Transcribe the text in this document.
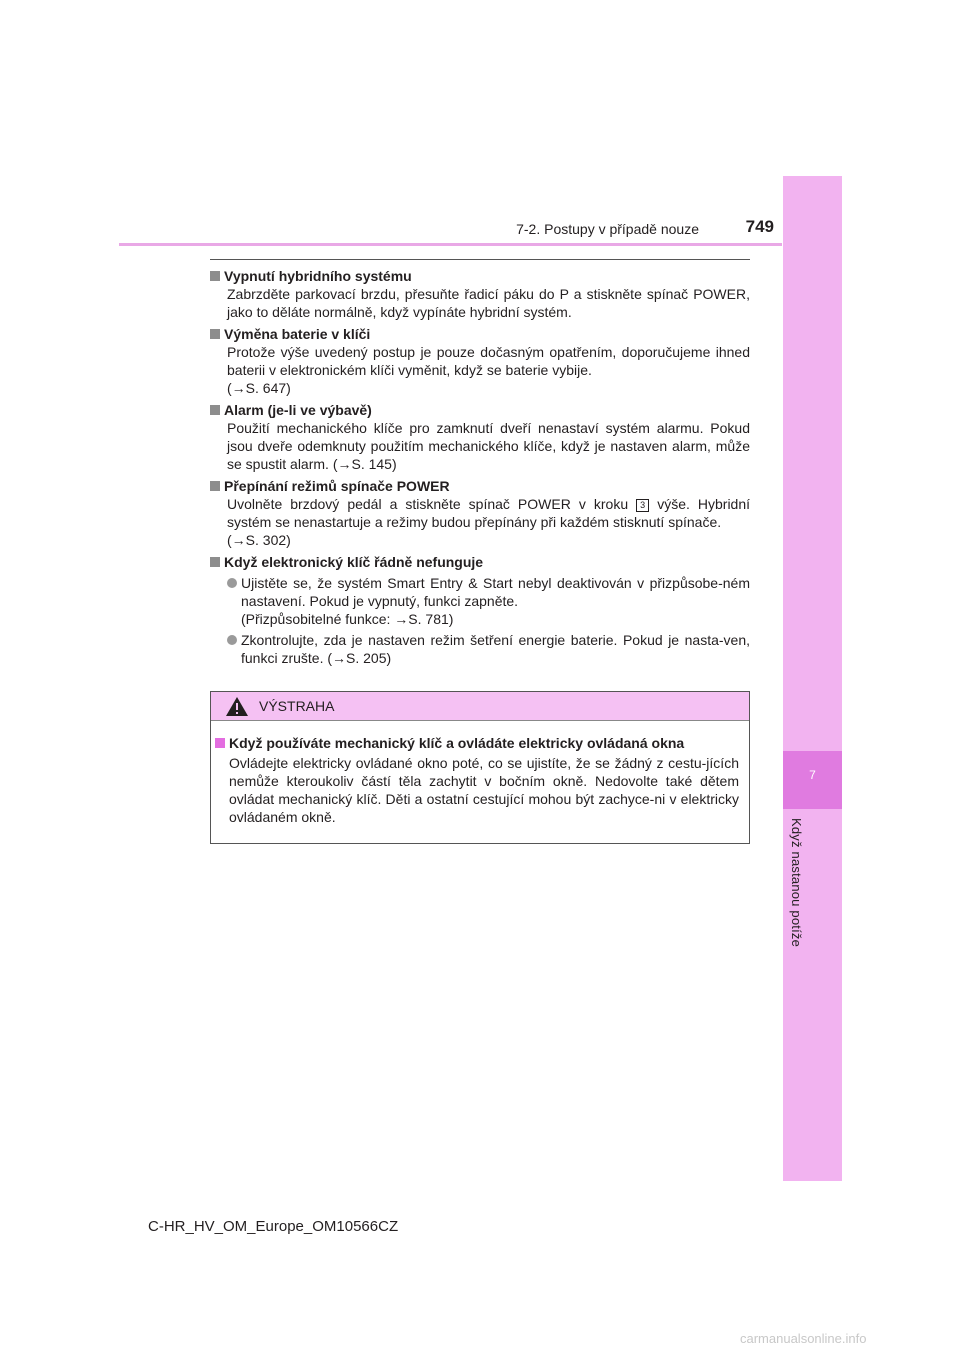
7
Když nastanou potíže
7-2. Postupy v případě nouze	749
Vypnutí hybridního systému

Zabrzděte parkovací brzdu, přesuňte řadicí páku do P a stiskněte spínač POWER, jako to děláte normálně, když vypínáte hybridní systém.

Výměna baterie v klíči

Protože výše uvedený postup je pouze dočasným opatřením, doporučujeme ihned baterii v elektronickém klíči vyměnit, když se baterie vybije.

(→S. 647)

Alarm (je-li ve výbavě)

Použití mechanického klíče pro zamknutí dveří nenastaví systém alarmu. Pokud jsou dveře odemknuty použitím mechanického klíče, když je nastaven alarm, může se spustit alarm. (→S. 145)

Přepínání režimů spínače POWER

Uvolněte brzdový pedál a stiskněte spínač POWER v kroku 3 výše. Hybridní systém se nenastartuje a režimy budou přepínány při každém stisknutí spínače.

(→S. 302)

Když elektronický klíč řádně nefunguje

Ujistěte se, že systém Smart Entry & Start nebyl deaktivován v přizpůsobe-ném nastavení. Pokud je vypnutý, funkci zapněte.

(Přizpůsobitelné funkce: →S. 781)

Zkontrolujte, zda je nastaven režim šetření energie baterie. Pokud je nasta-ven, funkci zrušte. (→S. 205)

VÝSTRAHA
Když používáte mechanický klíč a ovládáte elektricky ovládaná okna
Ovládejte elektricky ovládané okno poté, co se ujistíte, že se žádný z cestu-jících nemůže kteroukoliv částí těla zachytit v bočním okně. Nedovolte také dětem ovládat mechanický klíč. Děti a ostatní cestující mohou být zachyce-ni v elektricky ovládaném okně.
C-HR_HV_OM_Europe_OM10566CZ
carmanualsonline.info
